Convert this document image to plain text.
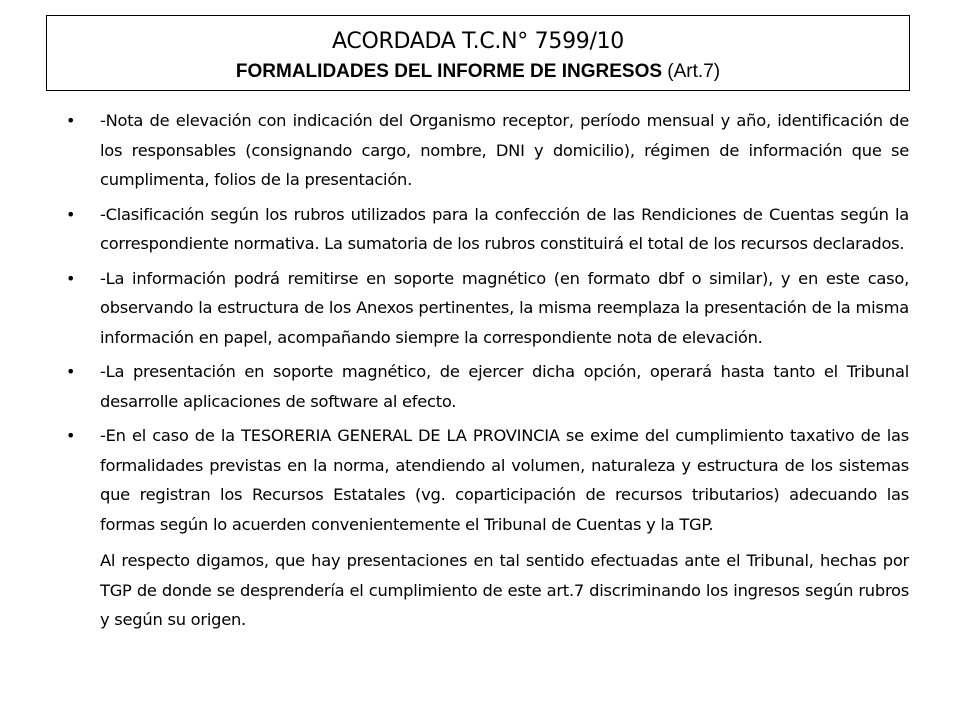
ACORDADA T.C.N° 7599/10
FORMALIDADES DEL INFORME DE INGRESOS (Art.7)
•	-Nota de elevación con indicación del Organismo receptor, período mensual y año, identificación de los responsables (consignando cargo, nombre, DNI y domicilio), régimen de información que se cumplimenta, folios de la presentación.
•	-Clasificación según los rubros utilizados para la confección de las Rendiciones de Cuentas según la correspondiente normativa. La sumatoria de los rubros constituirá el total de los recursos declarados.
•	-La información podrá remitirse en soporte magnético (en formato dbf o similar), y en este caso, observando la estructura de los Anexos pertinentes, la misma reemplaza la presentación de la misma información en papel, acompañando siempre la correspondiente nota de elevación.
•	-La presentación en soporte magnético, de ejercer dicha opción, operará hasta tanto el Tribunal desarrolle aplicaciones de software al efecto.
•	-En el caso de la TESORERIA GENERAL DE LA PROVINCIA se exime del cumplimiento taxativo de las formalidades previstas en la norma, atendiendo al volumen, naturaleza y estructura de los sistemas que registran los Recursos Estatales (vg. coparticipación de recursos tributarios) adecuando las formas según lo acuerden convenientemente el Tribunal de Cuentas y la TGP.
Al respecto digamos, que hay presentaciones en tal sentido efectuadas ante el Tribunal, hechas por TGP de donde se desprendería el cumplimiento de este art.7 discriminando los ingresos según rubros y según su origen.
